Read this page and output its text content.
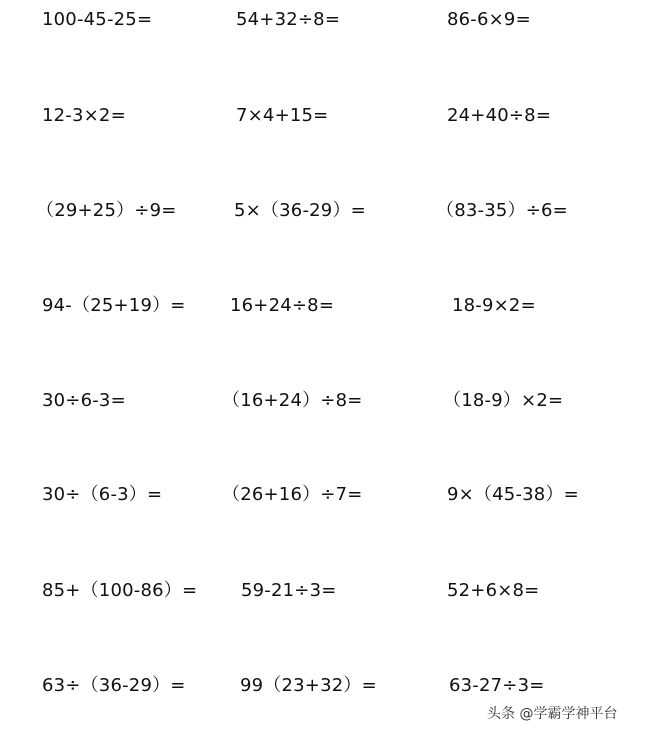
100-45-25=	54+32÷8=	86-6×9=
12-3×2=	7×4+15=	24+40÷8=
（29+25）÷9=	5×（36-29）=	（83-35）÷6=
94-（25+19）= 16+24÷8=	18-9×2=
30÷6-3=	（16+24）÷8=	（18-9）×2=
30÷（6-3）=	（26+16）÷7=	9×（45-38）=
85+（100-86）= 59-21÷3=	52+6×8=
63÷（36-29）=	99（23+32）=	63-27÷3=
头条 @学霸学神平台
